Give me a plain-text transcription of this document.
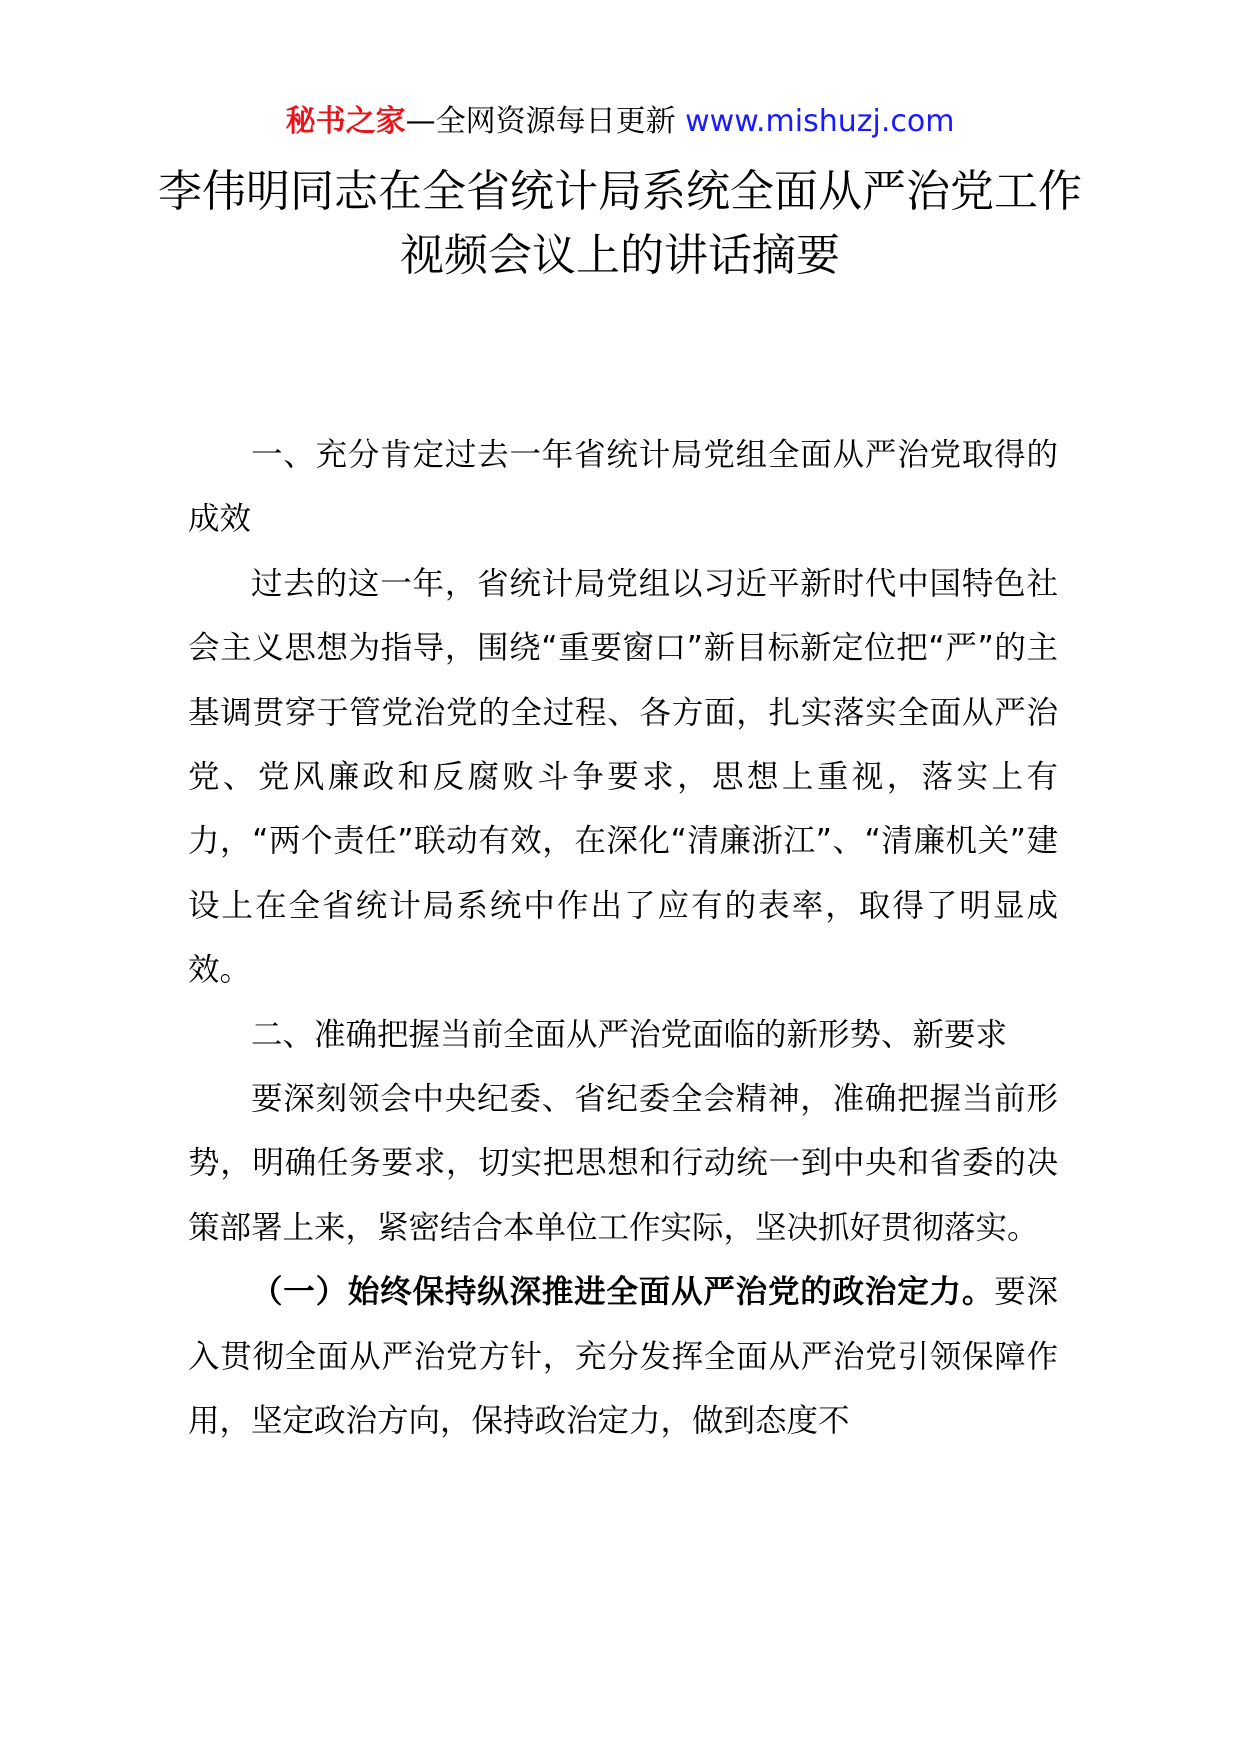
秘书之家—全网资源每日更新 www.mishuzj.com
李伟明同志在全省统计局系统全面从严治党工作视频会议上的讲话摘要

一、充分肯定过去一年省统计局党组全面从严治党取得的成效

过去的这一年，省统计局党组以习近平新时代中国特色社会主义思想为指导，围绕“重要窗口”新目标新定位把“严”的主基调贯穿于管党治党的全过程、各方面，扎实落实全面从严治党、党风廉政和反腐败斗争要求，思想上重视，落实上有力，“两个责任”联动有效，在深化“清廉浙江”、“清廉机关”建设上在全省统计局系统中作出了应有的表率，取得了明显成效。

二、准确把握当前全面从严治党面临的新形势、新要求

要深刻领会中央纪委、省纪委全会精神，准确把握当前形势，明确任务要求，切实把思想和行动统一到中央和省委的决策部署上来，紧密结合本单位工作实际，坚决抓好贯彻落实。

（一）始终保持纵深推进全面从严治党的政治定力。要深入贯彻全面从严治党方针，充分发挥全面从严治党引领保障作用，坚定政治方向，保持政治定力，做到态度不
